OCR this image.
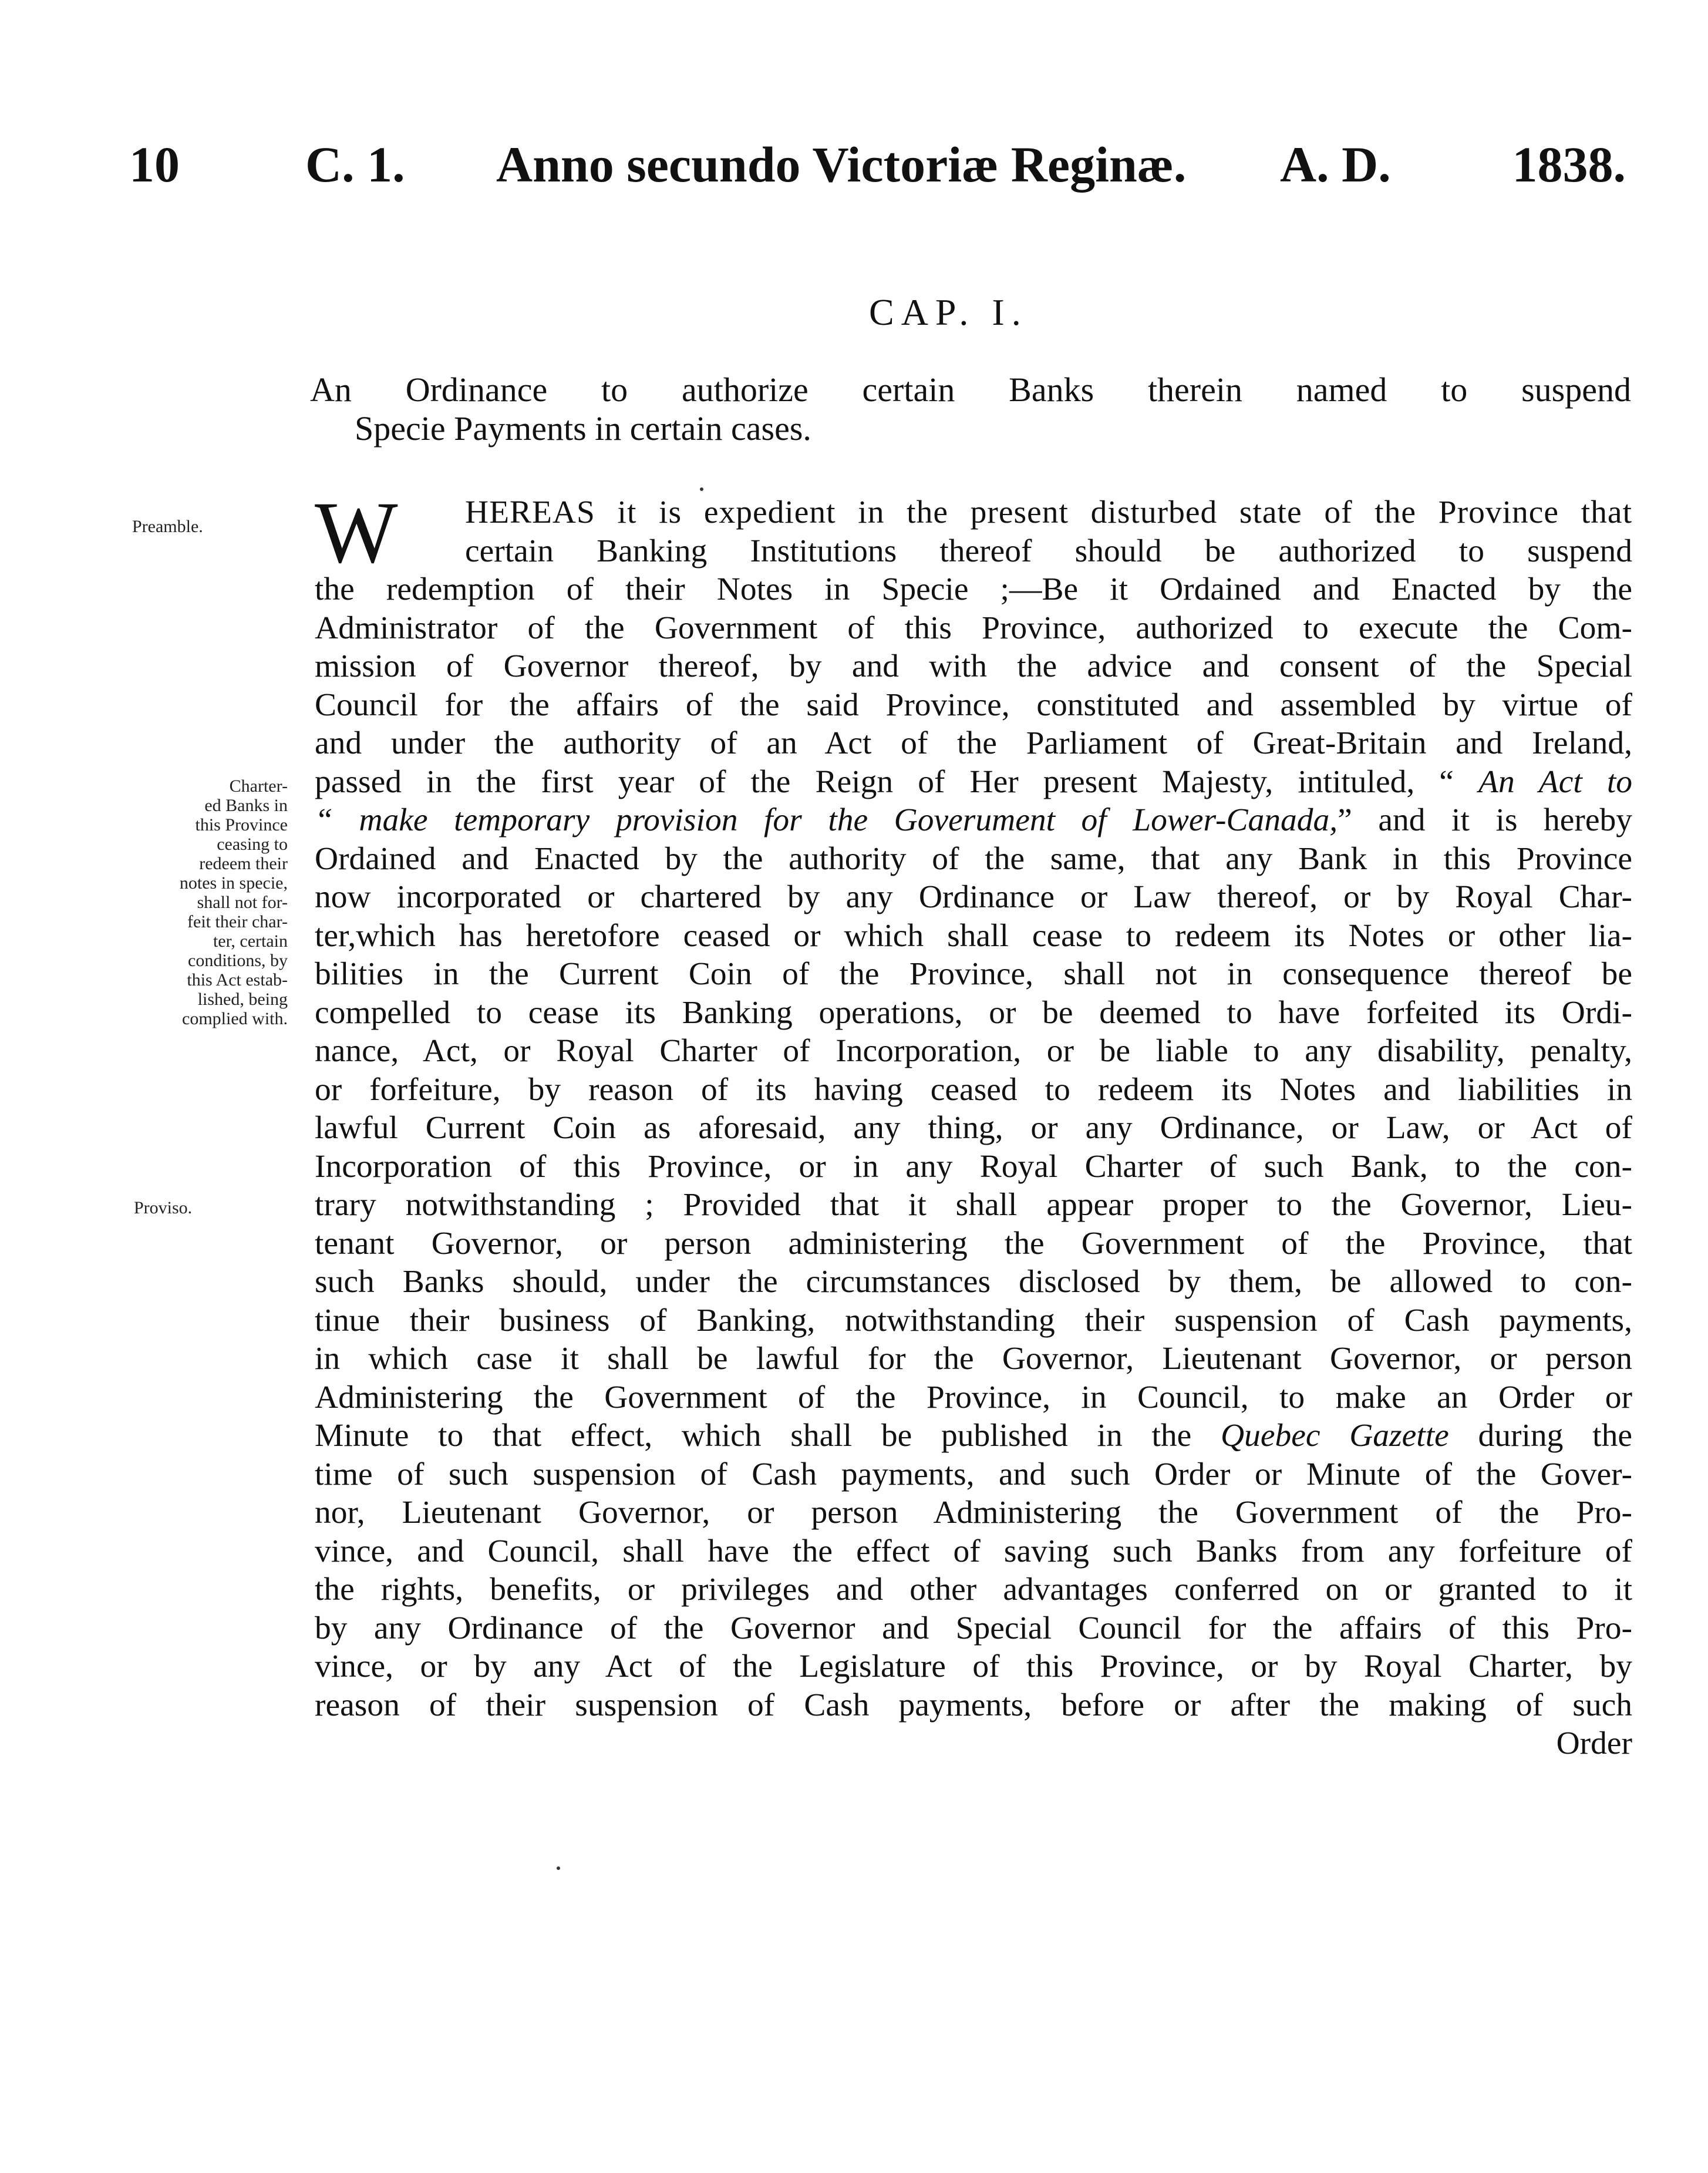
10 C. 1. Anno secundo Victoriæ Reginæ. A. D. 1838.
CAP. I.
An Ordinance to authorize certain Banks therein named to suspend
Specie Payments in certain cases.
Preamble.
Charter-
ed Banks in
this Province
ceasing to
redeem their
notes in specie,
shall not for-
feit their char-
ter, certain
conditions, by
this Act estab-
lished, being
complied with.
Proviso.
W	HEREAS it is expedient in the present disturbed state of the Province that
certain Banking Institutions thereof should be authorized to suspend
the redemption of their Notes in Specie ;—Be it Ordained and Enacted by the
Administrator of the Government of this Province, authorized to execute the Com-
mission of Governor thereof, by and with the advice and consent of the Special
Council for the affairs of the said Province, constituted and assembled by virtue of
and under the authority of an Act of the Parliament of Great-Britain and Ireland,
passed in the first year of the Reign of Her present Majesty, intituled, “ An Act to
“ make temporary provision for the Goverument of Lower-Canada,” and it is hereby
Ordained and Enacted by the authority of the same, that any Bank in this Province
now incorporated or chartered by any Ordinance or Law thereof, or by Royal Char-
ter,which has heretofore ceased or which shall cease to redeem its Notes or other lia-
bilities in the Current Coin of the Province, shall not in consequence thereof be
compelled to cease its Banking operations, or be deemed to have forfeited its Ordi-
nance, Act, or Royal Charter of Incorporation, or be liable to any disability, penalty,
or forfeiture, by reason of its having ceased to redeem its Notes and liabilities in
lawful Current Coin as aforesaid, any thing, or any Ordinance, or Law, or Act of
Incorporation of this Province, or in any Royal Charter of such Bank, to the con-
trary notwithstanding ; Provided that it shall appear proper to the Governor, Lieu-
tenant Governor, or person administering the Government of the Province, that
such Banks should, under the circumstances disclosed by them, be allowed to con-
tinue their business of Banking, notwithstanding their suspension of Cash payments,
in which case it shall be lawful for the Governor, Lieutenant Governor, or person
Administering the Government of the Province, in Council, to make an Order or
Minute to that effect, which shall be published in the Quebec Gazette during the
time of such suspension of Cash payments, and such Order or Minute of the Gover-
nor, Lieutenant Governor, or person Administering the Government of the Pro-
vince, and Council, shall have the effect of saving such Banks from any forfeiture of
the rights, benefits, or privileges and other advantages conferred on or granted to it
by any Ordinance of the Governor and Special Council for the affairs of this Pro-
vince, or by any Act of the Legislature of this Province, or by Royal Charter, by
reason of their suspension of Cash payments, before or after the making of such
Order
